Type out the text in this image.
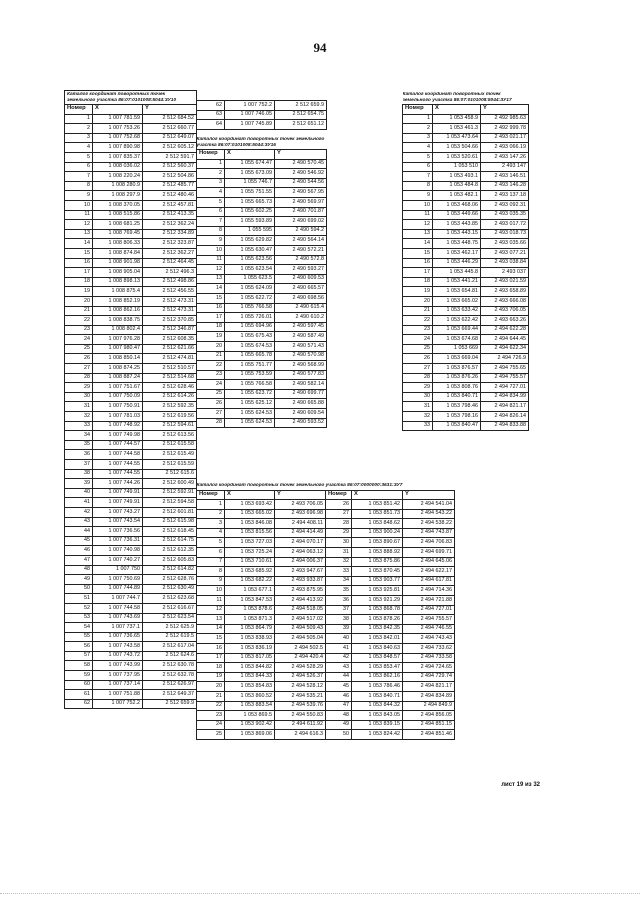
94
Каталог координат поворотных точек земельного участка 86:07:0101008:5044:ЗУ10		
Номер	X	Y
1	1 007 781.59	2 512 684.52
2	1 007 753.26	2 512 660.77
3	1 007 752.68	2 512 649.07
4	1 007 890.98	2 512 605.12
5	1 007 835.37	2 512 591.7
6	1 008 036.02	2 512 560.37
7	1 008 220.24	2 512 504.86
8	1 008 280.9	2 512 485.77
9	1 008 297.9	2 512 480.46
10	1 008 370.05	2 512 457.81
11	1 008 515.86	2 512 413.35
12	1 008 681.25	2 512 362.24
13	1 008 769.45	2 512 334.89
14	1 008 806.33	2 512 323.87
15	1 008 874.84	2 512 362.27
16	1 008 901.98	2 512 464.45
17	1 008 905.04	2 512 496.3
18	1 008 898.13	2 512 498.86
19	1 008 875.4	2 512 456.55
20	1 008 852.19	2 512 473.31
21	1 008 862.16	2 512 473.31
22	1 008 838.75	2 512 370.85
23	1 008 802.4	2 512 346.87
24	1 007 976.28	2 512 608.35
25	1 007 980.47	2 512 621.66
26	1 008 850.14	2 512 474.81
27	1 008 874.25	2 512 510.57
28	1 008 887.24	2 512 514.68
29	1 007 751.67	2 512 628.46
30	1 007 750.09	2 512 614.26
31	1 007 750.91	2 512 592.35
32	1 007 781.03	2 512 619.56
33	1 007 748.92	2 512 594.61
34	1 007 749.98	2 512 613.56
35	1 007 744.57	2 512 615.58
36	1 007 744.58	2 512 615.49
37	1 007 744.55	2 512 615.59
38	1 007 744.55	2 512 615.6
39	1 007 744.26	2 512 600.49
40	1 007 749.91	2 512 592.91
41	1 007 749.91	2 512 594.58
42	1 007 743.27	2 512 601.81
43	1 007 743.54	2 512 615.98
44	1 007 736.56	2 512 618.45
45	1 007 736.31	2 512 614.75
46	1 007 740.98	2 512 612.35
47	1 007 740.27	2 512 605.83
48	1 007 750	2 512 614.82
49	1 007 750.69	2 512 628.76
50	1 007 744.89	2 512 630.49
51	1 007 744.7	2 512 623.68
52	1 007 744.58	2 512 616.67
53	1 007 743.69	2 512 623.54
54	1 007 737.1	2 512 625.9
55	1 007 736.65	2 512 619.5
56	1 007 743.58	2 512 617.04
57	1 007 743.72	2 512 624.6
58	1 007 743.99	2 512 630.78
59	1 007 737.95	2 512 632.78
60	1 007 737.14	2 512 626.97
61	1 007 751.88	2 512 649.37
62	1 007 752.2	2 512 659.9
62	1 007 752.2	2 512 659.9
63	1 007 746.05	2 512 654.75
64	1 007 745.89	2 512 651.12
Каталог координат поворотных точек земельного участка 86:07:0101008:5044:ЗУ16		
Номер	X	Y
1	1 055 674.47	2 490 570.45
2	1 055 673.09	2 490 546.92
3	1 055 746.7	2 490 544.56
4	1 055 751.55	2 490 567.95
5	1 055 665.73	2 490 569.97
6	1 055 602.25	2 490 701.87
7	1 055 593.89	2 490 699.02
8	1 055 595	2 490 594.2
9	1 055 629.82	2 490 564.14
10	1 055 630.47	2 490 572.21
11	1 055 623.56	2 490 572.8
12	1 055 623.54	2 490 593.27
13	1 055 623.5	2 490 609.53
14	1 055 624.09	2 490 665.57
15	1 055 622.72	2 490 698.56
16	1 055 766.58	2 490 615.4
17	1 055 726.01	2 490 610.2
18	1 055 694.96	2 490 597.45
19	1 055 675.43	2 490 587.49
20	1 055 674.53	2 490 571.43
21	1 055 665.78	2 490 570.98
22	1 055 751.77	2 490 568.99
23	1 055 753.59	2 490 577.83
24	1 055 766.58	2 490 582.14
25	1 055 623.72	2 490 699.77
26	1 055 625.12	2 490 665.88
27	1 055 624.53	2 490 609.54
28	1 055 624.53	2 490 593.52
Каталог координат поворотных точек земельного участка 86:07:0101008:5044:ЗУ17		
Номер	X	Y
1	1 053 458.9	2 492 985.63
2	1 053 461.3	2 492 999.78
3	1 053 473.64	2 493 021.17
4	1 053 504.66	2 493 066.19
5	1 053 520.61	2 493 147.26
6	1 053 510	2 493 147
7	1 053 493.1	2 493 146.51
8	1 053 484.8	2 493 146.28
9	1 053 482.1	2 493 137.18
10	1 053 468.06	2 493 092.31
11	1 053 449.66	2 493 035.35
12	1 053 443.85	2 493 017.72
13	1 053 443.15	2 493 018.73
14	1 053 448.75	2 493 035.66
15	1 053 462.17	2 493 077.21
16	1 053 446.29	2 493 038.84
17	1 053 445.8	2 493 037
18	1 053 441.21	2 493 021.59
19	1 053 654.81	2 493 658.89
20	1 053 665.02	2 493 666.08
21	1 053 633.42	2 493 706.05
22	1 053 622.42	2 493 663.26
23	1 053 669.44	2 494 622.28
24	1 053 674.68	2 494 644.45
25	1 053 669	2 494 622.34
26	1 053 669.04	2 494 726.9
27	1 053 876.57	2 494 755.65
28	1 053 876.26	2 494 755.57
29	1 053 808.76	2 494 727.01
30	1 053 840.71	2 494 834.99
31	1 053 798.46	2 494 821.17
32	1 053 798.16	2 494 826.14
33	1 053 840.47	2 494 833.88
Каталог координат поворотных точек земельного участка 86:07:0000000:3631:ЗУ7					
Номер	X	Y	Номер	X	Y
1	1 053 693.42	2 493 706.05	26	1 053 851.42	2 494 541.04
2	1 053 665.02	2 493 696.98	27	1 053 851.73	2 494 543.22
3	1 053 846.08	2 494 408.11	28	1 053 848.62	2 494 538.22
4	1 053 815.56	2 494 414.49	29	1 053 900.24	2 494 743.87
5	1 053 727.03	2 494 070.17	30	1 053 890.67	2 494 706.83
6	1 053 725.24	2 494 063.12	31	1 053 888.92	2 494 699.71
7	1 053 710.61	2 494 006.37	32	1 053 875.86	2 494 645.06
8	1 053 685.92	2 493 947.67	33	1 053 870.45	2 494 622.17
9	1 053 682.22	2 493 933.87	34	1 053 903.77	2 494 617.81
10	1 053 677.1	2 493 875.95	35	1 053 925.81	2 494 714.36
11	1 053 847.53	2 494 413.92	36	1 053 921.29	2 494 721.88
12	1 053 878.6	2 494 518.05	37	1 053 868.78	2 494 727.01
13	1 053 871.3	2 494 517.02	38	1 053 878.26	2 494 755.57
14	1 053 864.79	2 494 509.43	39	1 053 842.35	2 494 746.55
15	1 053 838.93	2 494 505.04	40	1 053 842.01	2 494 743.43
16	1 053 836.19	2 494 502.5	41	1 053 840.63	2 494 733.62
17	1 053 817.05	2 494 420.4	42	1 053 848.57	2 494 733.58
18	1 053 844.82	2 494 528.29	43	1 053 853.47	2 494 724.65
19	1 053 844.33	2 494 526.37	44	1 053 862.16	2 494 729.74
20	1 053 854.83	2 494 528.12	45	1 053 786.46	2 494 821.17
21	1 053 860.52	2 494 535.21	46	1 053 840.71	2 494 834.89
22	1 053 883.54	2 494 539.76	47	1 053 844.32	2 494 849.9
23	1 053 869.5	2 494 550.83	48	1 053 843.05	2 494 856.05
24	1 053 902.42	2 494 611.92	49	1 053 839.15	2 494 851.15
25	1 053 869.06	2 494 616.3	50	1 053 824.42	2 494 851.46
лист 19 из 32
